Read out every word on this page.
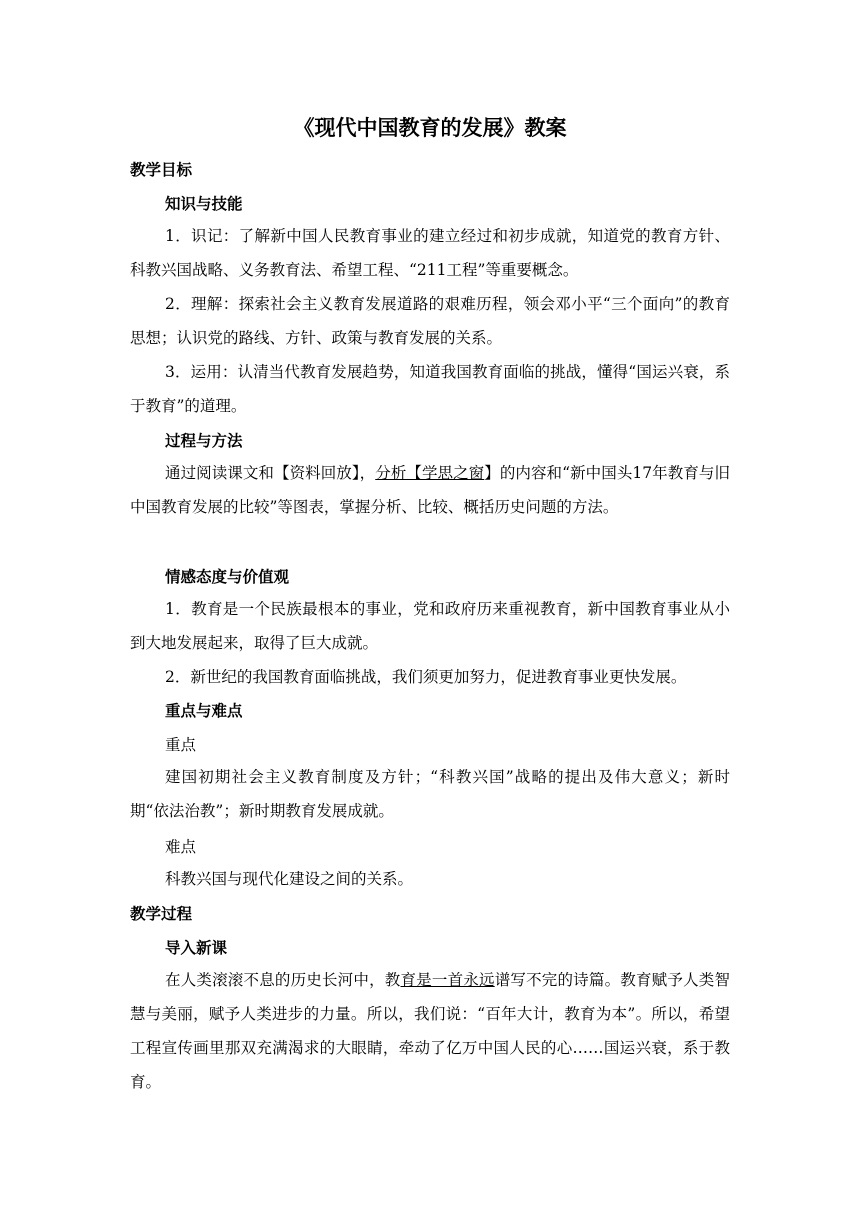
《现代中国教育的发展》教案
教学目标
知识与技能

1．识记：了解新中国人民教育事业的建立经过和初步成就，知道党的教育方针、科教兴国战略、义务教育法、希望工程、“211工程”等重要概念。

2．理解：探索社会主义教育发展道路的艰难历程，领会邓小平“三个面向”的教育思想；认识党的路线、方针、政策与教育发展的关系。

3．运用：认清当代教育发展趋势，知道我国教育面临的挑战，懂得“国运兴衰，系于教育”的道理。

过程与方法

通过阅读课文和【资料回放】，分析【学思之窗】的内容和“新中国头17年教育与旧中国教育发展的比较”等图表，掌握分析、比较、概括历史问题的方法。

情感态度与价值观

1．教育是一个民族最根本的事业，党和政府历来重视教育，新中国教育事业从小到大地发展起来，取得了巨大成就。

2．新世纪的我国教育面临挑战，我们须更加努力，促进教育事业更快发展。

重点与难点
重点

建国初期社会主义教育制度及方针；“科教兴国”战略的提出及伟大意义；新时期“依法治教”；新时期教育发展成就。

难点

科教兴国与现代化建设之间的关系。

教学过程
导入新课

在人类滚滚不息的历史长河中，教育是一首永远谱写不完的诗篇。教育赋予人类智慧与美丽，赋予人类进步的力量。所以，我们说：“百年大计，教育为本”。所以，希望工程宣传画里那双充满渴求的大眼睛，牵动了亿万中国人民的心……国运兴衰，系于教育。
